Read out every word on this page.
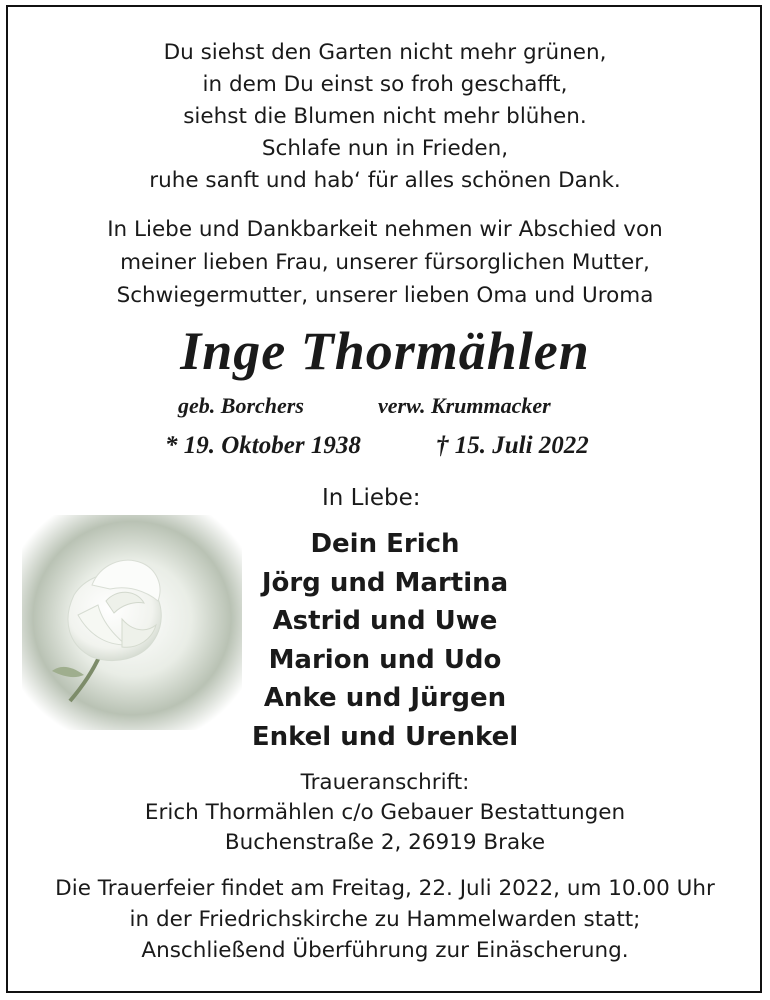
Du siehst den Garten nicht mehr grünen,
in dem Du einst so froh geschafft,
siehst die Blumen nicht mehr blühen.
Schlafe nun in Frieden,
ruhe sanft und hab‘ für alles schönen Dank.
In Liebe und Dankbarkeit nehmen wir Abschied von
meiner lieben Frau, unserer fürsorglichen Mutter,
Schwiegermutter, unserer lieben Oma und Uroma
Inge Thormählen
geb. Borchers	verw. Krummacker
* 19. Oktober 1938	† 15. Juli 2022
In Liebe:
Dein Erich
Jörg und Martina
Astrid und Uwe
Marion und Udo
Anke und Jürgen
Enkel und Urenkel
Traueranschrift:
Erich Thormählen c/o Gebauer Bestattungen
Buchenstraße 2, 26919 Brake
Die Trauerfeier findet am Freitag, 22. Juli 2022, um 10.00 Uhr
in der Friedrichskirche zu Hammelwarden statt;
Anschließend Überführung zur Einäscherung.
